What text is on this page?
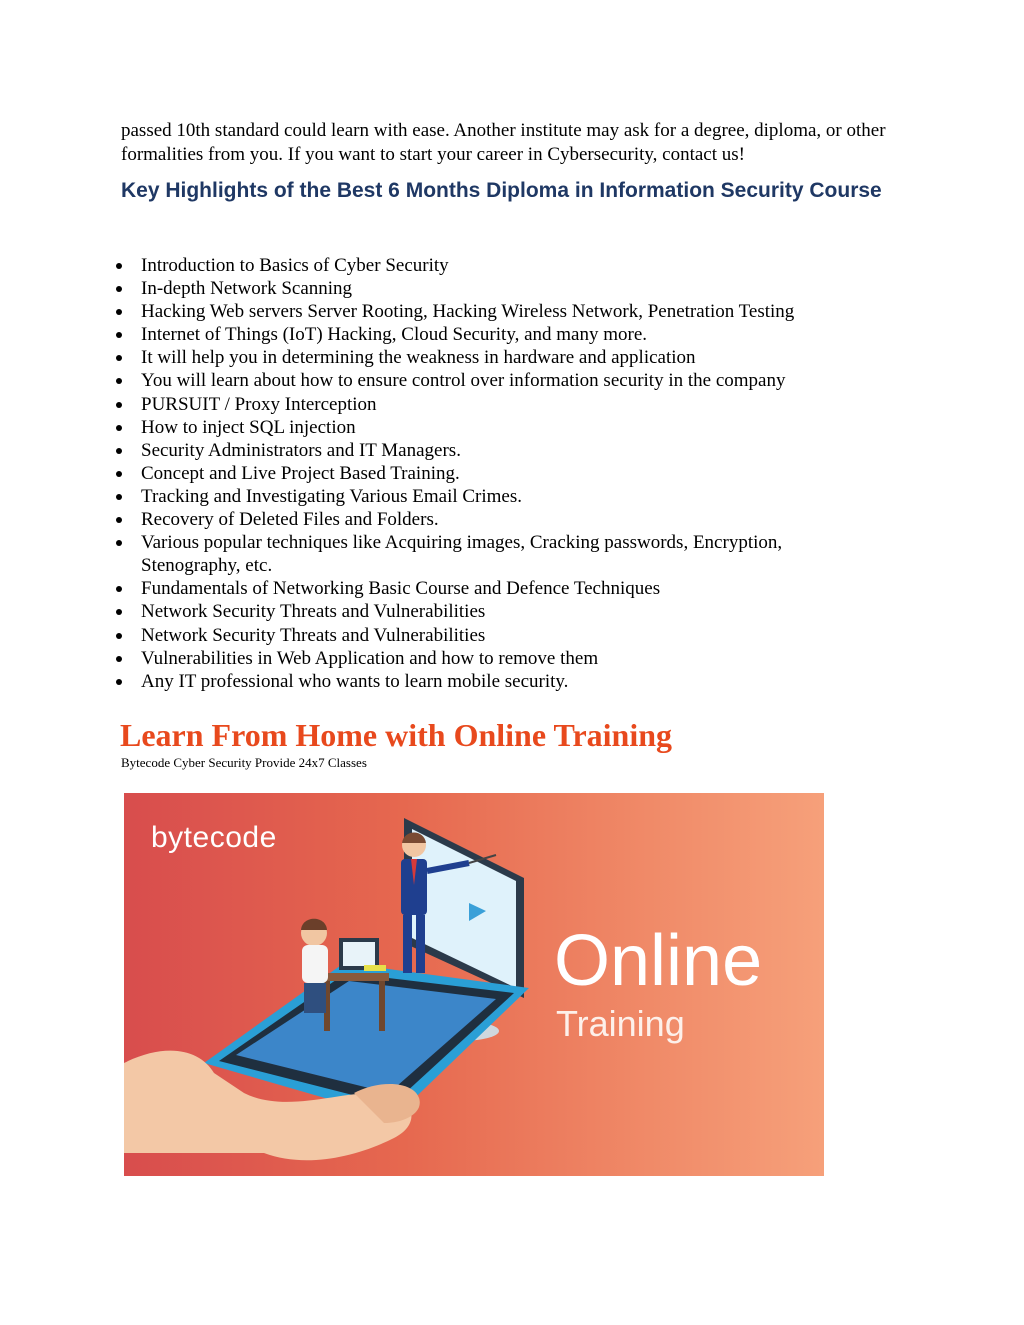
passed 10th standard could learn with ease. Another institute may ask for a degree, diploma, or other formalities from you. If you want to start your career in Cybersecurity, contact us!

Key Highlights of the Best 6 Months Diploma in Information Security Course
Introduction to Basics of Cyber Security
In-depth Network Scanning
Hacking Web servers Server Rooting, Hacking Wireless Network, Penetration Testing
Internet of Things (IoT) Hacking, Cloud Security, and many more.
It will help you in determining the weakness in hardware and application
You will learn about how to ensure control over information security in the company
PURSUIT / Proxy Interception
How to inject SQL injection
Security Administrators and IT Managers.
Concept and Live Project Based Training.
Tracking and Investigating Various Email Crimes.
Recovery of Deleted Files and Folders.
Various popular techniques like Acquiring images, Cracking passwords, Encryption, Stenography, etc.
Fundamentals of Networking Basic Course and Defence Techniques
Network Security Threats and Vulnerabilities
Network Security Threats and Vulnerabilities
Vulnerabilities in Web Application and how to remove them
Any IT professional who wants to learn mobile security.
Learn From Home with Online Training

Bytecode Cyber Security Provide 24x7 Classes

bytecode
Online
Training
